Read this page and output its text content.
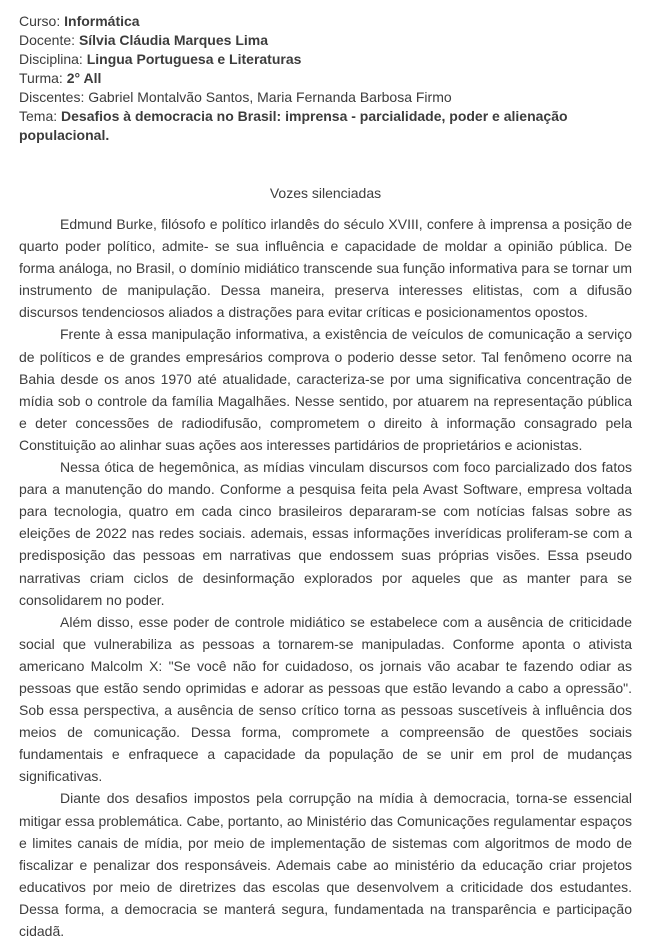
Curso: Informática
Docente: Sílvia Cláudia Marques Lima
Disciplina: Lingua Portuguesa e Literaturas
Turma: 2° All
Discentes: Gabriel Montalvão Santos, Maria Fernanda Barbosa Firmo
Tema: Desafios à democracia no Brasil: imprensa - parcialidade, poder e alienação populacional.
Vozes silenciadas

Edmund Burke, filósofo e político irlandês do século XVIII, confere à imprensa a posição de quarto poder político, admite- se sua influência e capacidade de moldar a opinião pública. De forma análoga, no Brasil, o domínio midiático transcende sua função informativa para se tornar um instrumento de manipulação. Dessa maneira, preserva interesses elitistas, com a difusão discursos tendenciosos aliados a distrações para evitar críticas e posicionamentos opostos.

Frente à essa manipulação informativa, a existência de veículos de comunicação a serviço de políticos e de grandes empresários comprova o poderio desse setor. Tal fenômeno ocorre na Bahia desde os anos 1970 até atualidade, caracteriza-se por uma significativa concentração de mídia sob o controle da família Magalhães. Nesse sentido, por atuarem na representação pública e deter concessões de radiodifusão, comprometem o direito à informação consagrado pela Constituição ao alinhar suas ações aos interesses partidários de proprietários e acionistas.

Nessa ótica de hegemônica, as mídias vinculam discursos com foco parcializado dos fatos para a manutenção do mando. Conforme a pesquisa feita pela Avast Software, empresa voltada para tecnologia, quatro em cada cinco brasileiros depararam-se com notícias falsas sobre as eleições de 2022 nas redes sociais. ademais, essas informações inverídicas proliferam-se com a predisposição das pessoas em narrativas que endossem suas próprias visões. Essa pseudo narrativas criam ciclos de desinformação explorados por aqueles que as manter para se consolidarem no poder.

Além disso, esse poder de controle midiático se estabelece com a ausência de criticidade social que vulnerabiliza as pessoas a tornarem-se manipuladas. Conforme aponta o ativista americano Malcolm X: "Se você não for cuidadoso, os jornais vão acabar te fazendo odiar as pessoas que estão sendo oprimidas e adorar as pessoas que estão levando a cabo a opressão". Sob essa perspectiva, a ausência de senso crítico torna as pessoas suscetíveis à influência dos meios de comunicação. Dessa forma, compromete a compreensão de questões sociais fundamentais e enfraquece a capacidade da população de se unir em prol de mudanças significativas.

Diante dos desafios impostos pela corrupção na mídia à democracia, torna-se essencial mitigar essa problemática. Cabe, portanto, ao Ministério das Comunicações regulamentar espaços e limites canais de mídia, por meio de implementação de sistemas com algoritmos de modo de fiscalizar e penalizar dos responsáveis. Ademais cabe ao ministério da educação criar projetos educativos por meio de diretrizes das escolas que desenvolvem a criticidade dos estudantes. Dessa forma, a democracia se manterá segura, fundamentada na transparência e participação cidadã.
